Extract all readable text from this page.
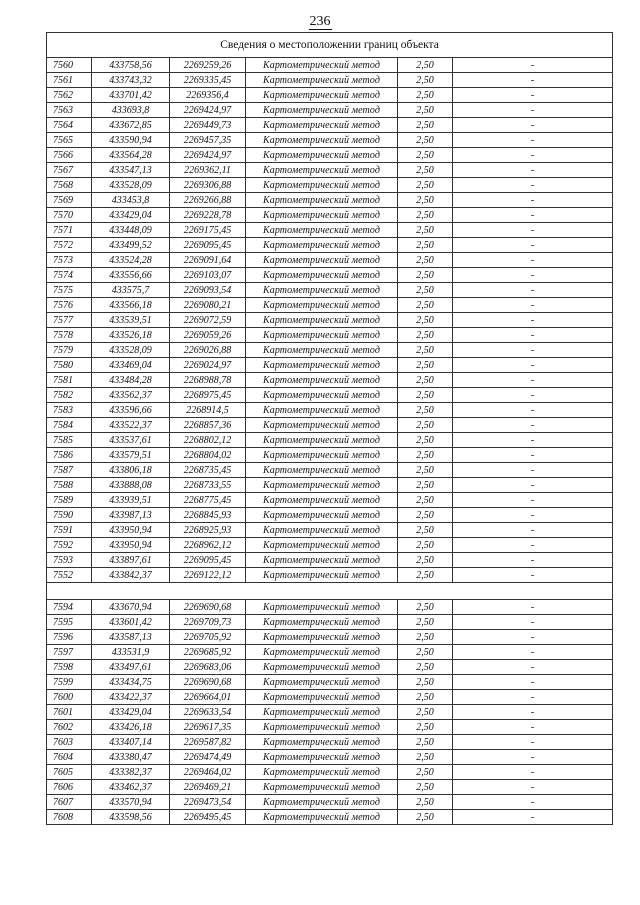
236
Сведения о местоположении границ объекта					
7560	433758,56	2269259,26	Картометрический метод	2,50	-
7561	433743,32	2269335,45	Картометрический метод	2,50	-
7562	433701,42	2269356,4	Картометрический метод	2,50	-
7563	433693,8	2269424,97	Картометрический метод	2,50	-
7564	433672,85	2269449,73	Картометрический метод	2,50	-
7565	433590,94	2269457,35	Картометрический метод	2,50	-
7566	433564,28	2269424,97	Картометрический метод	2,50	-
7567	433547,13	2269362,11	Картометрический метод	2,50	-
7568	433528,09	2269306,88	Картометрический метод	2,50	-
7569	433453,8	2269266,88	Картометрический метод	2,50	-
7570	433429,04	2269228,78	Картометрический метод	2,50	-
7571	433448,09	2269175,45	Картометрический метод	2,50	-
7572	433499,52	2269095,45	Картометрический метод	2,50	-
7573	433524,28	2269091,64	Картометрический метод	2,50	-
7574	433556,66	2269103,07	Картометрический метод	2,50	-
7575	433575,7	2269093,54	Картометрический метод	2,50	-
7576	433566,18	2269080,21	Картометрический метод	2,50	-
7577	433539,51	2269072,59	Картометрический метод	2,50	-
7578	433526,18	2269059,26	Картометрический метод	2,50	-
7579	433528,09	2269026,88	Картометрический метод	2,50	-
7580	433469,04	2269024,97	Картометрический метод	2,50	-
7581	433484,28	2268988,78	Картометрический метод	2,50	-
7582	433562,37	2268975,45	Картометрический метод	2,50	-
7583	433596,66	2268914,5	Картометрический метод	2,50	-
7584	433522,37	2268857,36	Картометрический метод	2,50	-
7585	433537,61	2268802,12	Картометрический метод	2,50	-
7586	433579,51	2268804,02	Картометрический метод	2,50	-
7587	433806,18	2268735,45	Картометрический метод	2,50	-
7588	433888,08	2268733,55	Картометрический метод	2,50	-
7589	433939,51	2268775,45	Картометрический метод	2,50	-
7590	433987,13	2268845,93	Картометрический метод	2,50	-
7591	433950,94	2268925,93	Картометрический метод	2,50	-
7592	433950,94	2268962,12	Картометрический метод	2,50	-
7593	433897,61	2269095,45	Картометрический метод	2,50	-
7552	433842,37	2269122,12	Картометрический метод	2,50	-

7594	433670,94	2269690,68	Картометрический метод	2,50	-
7595	433601,42	2269709,73	Картометрический метод	2,50	-
7596	433587,13	2269705,92	Картометрический метод	2,50	-
7597	433531,9	2269685,92	Картометрический метод	2,50	-
7598	433497,61	2269683,06	Картометрический метод	2,50	-
7599	433434,75	2269690,68	Картометрический метод	2,50	-
7600	433422,37	2269664,01	Картометрический метод	2,50	-
7601	433429,04	2269633,54	Картометрический метод	2,50	-
7602	433426,18	2269617,35	Картометрический метод	2,50	-
7603	433407,14	2269587,82	Картометрический метод	2,50	-
7604	433380,47	2269474,49	Картометрический метод	2,50	-
7605	433382,37	2269464,02	Картометрический метод	2,50	-
7606	433462,37	2269469,21	Картометрический метод	2,50	-
7607	433570,94	2269473,54	Картометрический метод	2,50	-
7608	433598,56	2269495,45	Картометрический метод	2,50	-
